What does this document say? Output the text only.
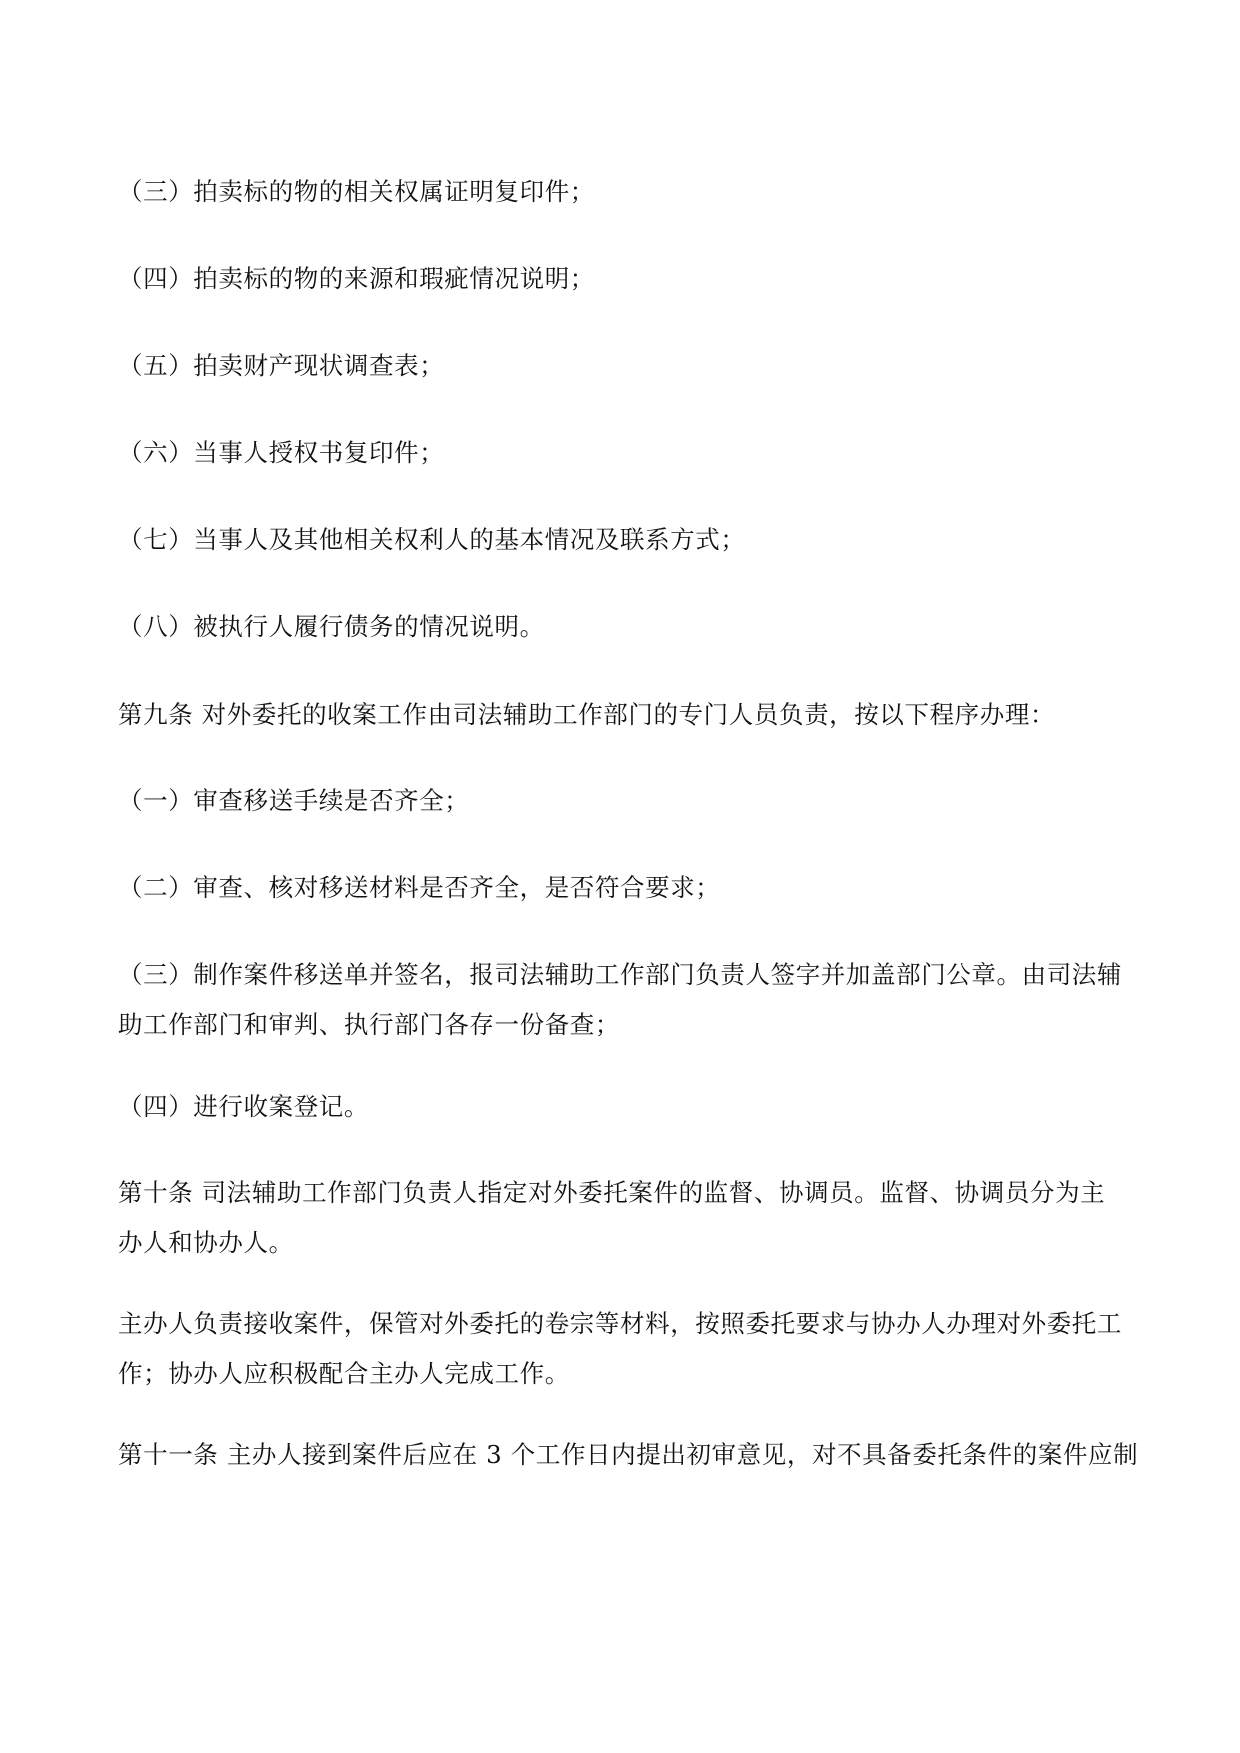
（三）拍卖标的物的相关权属证明复印件；
（四）拍卖标的物的来源和瑕疵情况说明；
（五）拍卖财产现状调查表；
（六）当事人授权书复印件；
（七）当事人及其他相关权利人的基本情况及联系方式；
（八）被执行人履行债务的情况说明。
第九条 对外委托的收案工作由司法辅助工作部门的专门人员负责，按以下程序办理：
（一）审查移送手续是否齐全；
（二）审查、核对移送材料是否齐全，是否符合要求；
（三）制作案件移送单并签名，报司法辅助工作部门负责人签字并加盖部门公章。由司法辅助工作部门和审判、执行部门各存一份备查；
（四）进行收案登记。
第十条 司法辅助工作部门负责人指定对外委托案件的监督、协调员。监督、协调员分为主办人和协办人。
主办人负责接收案件，保管对外委托的卷宗等材料，按照委托要求与协办人办理对外委托工作；协办人应积极配合主办人完成工作。
第十一条 主办人接到案件后应在 3 个工作日内提出初审意见，对不具备委托条件的案件应制
